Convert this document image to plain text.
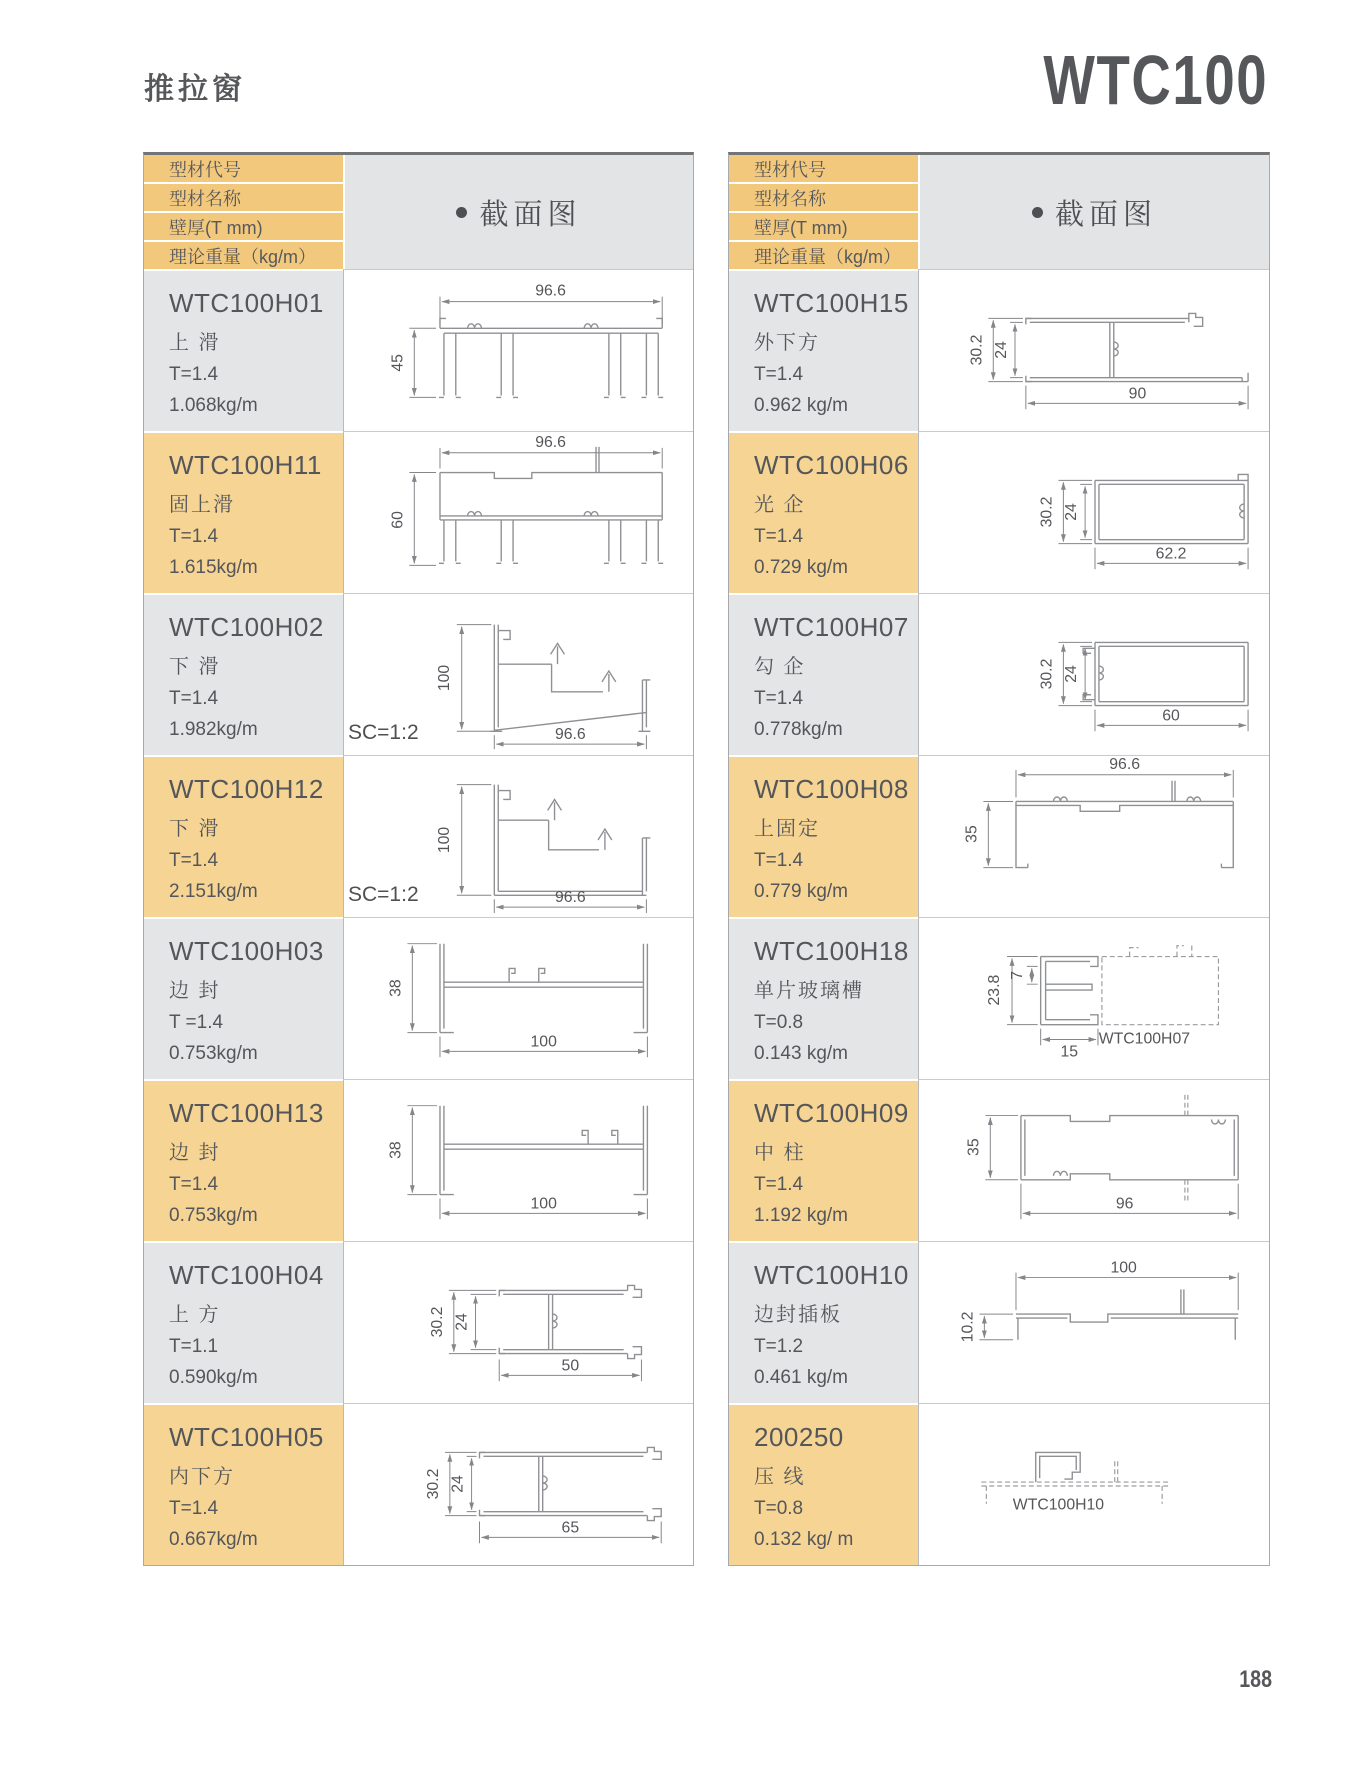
推拉窗	WTC100
型材代号
型材名称
壁厚(T mm)
理论重量（kg/m）
截面图
WTC100H01
上 滑
T=1.4
1.068kg/m
96.6
45
WTC100H11
固上滑
T=1.4
1.615kg/m
96.6
60
WTC100H02
下 滑
T=1.4
1.982kg/m
100
96.6
SC=1:2
WTC100H12
下 滑
T=1.4
2.151kg/m
100
96.6
SC=1:2
WTC100H03
边 封
T =1.4
0.753kg/m
38
100
WTC100H13
边 封
T=1.4
0.753kg/m
38
100
WTC100H04
上 方
T=1.1
0.590kg/m
30.2 24
50
WTC100H05
内下方
T=1.4
0.667kg/m
30.2 24
65
型材代号
型材名称
壁厚(T mm)
理论重量（kg/m）
截面图
WTC100H15
外下方
T=1.4
0.962 kg/m
30.2 24
90
WTC100H06
光 企
T=1.4
0.729 kg/m
30.2 24
62.2
WTC100H07
勾 企
T=1.4
0.778kg/m
30.2 24
60
WTC100H08
上固定
T=1.4
0.779 kg/m
96.6
35
WTC100H18
单片玻璃槽
T=0.8
0.143 kg/m
23.8 7
15
WTC100H07
WTC100H09
中 柱
T=1.4
1.192 kg/m
35
96
WTC100H10
边封插板
T=1.2
0.461 kg/m
100
10.2
200250
压 线
T=0.8
0.132 kg/ m
WTC100H10
188
